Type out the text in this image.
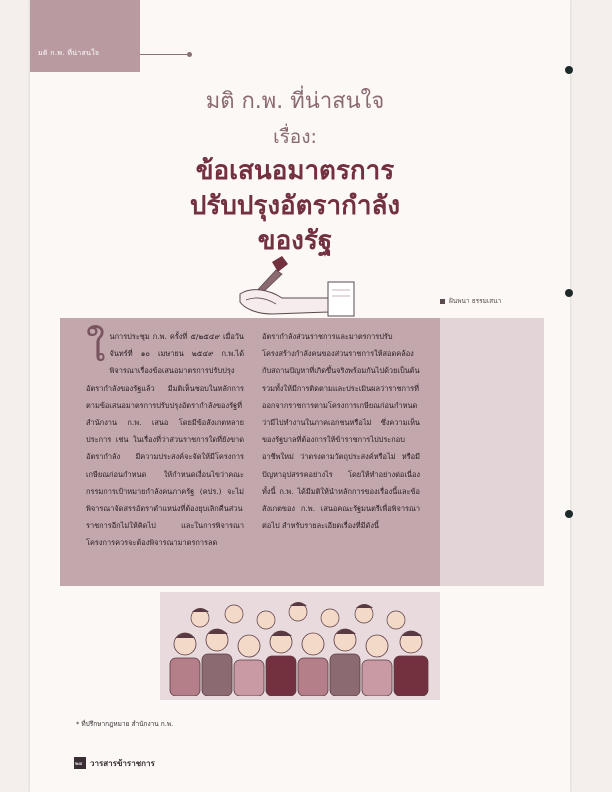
มติ ก.พ. ที่น่าสนใจ
มติ ก.พ. ที่น่าสนใจ
เรื่อง:
ข้อเสนอมาตรการ
ปรับปรุงอัตรากำลัง
ของรัฐ
ฝันพนา ธรรมเสนา
ในการประชุม ก.พ. ครั้งที่ ๕/๒๕๔๙ เมื่อวันจันทร์ที่ ๑๐ เมษายน ๒๕๔๙ ก.พ.ได้พิจารณาเรื่องข้อเสนอมาตรการปรับปรุงอัตรากำลังของรัฐแล้ว มีมติเห็นชอบในหลักการตามข้อเสนอมาตรการปรับปรุงอัตรากำลังของรัฐที่สำนักงาน ก.พ. เสนอ โดยมีข้อสังเกตหลายประการ เช่น ในเรื่องที่ว่าส่วนราชการใดที่ยังขาดอัตรากำลัง มีความประสงค์จะจัดให้มีโครงการเกษียณก่อนกำหนด ให้กำหนดเงื่อนไขว่าคณะกรรมการเป้าหมายกำลังคนภาครัฐ (คปร.) จะไม่พิจารณาจัดสรรอัตราตำแหน่งที่ต้องยุบเลิกคืนส่วนราชการอีกไม่ให้คิดไป และในการพิจารณาโครงการควรจะต้องพิจารณามาตรการลด
อัตรากำลังส่วนราชการและมาตรการปรับโครงสร้างกำลังคนของส่วนราชการให้สอดคล้องกับสถานปัญหาที่เกิดขึ้นจริงพร้อมกันไปด้วยเป็นต้น รวมทั้งให้มีการติดตามและประเมินผลว่าราชการที่ออกจากราชการตามโครงการเกษียณก่อนกำหนดว่ามีไปทำงานในภาคเอกชนหรือไม่ ซึ่งความเห็นของรัฐบาลที่ต้องการให้ข้าราชการไปประกอบอาชีพใหม่ ว่าตรงตามวัตถุประสงค์หรือไม่ หรือมีปัญหาอุปสรรคอย่างไร โดยให้ทำอย่างต่อเนื่องทั้งนี้ ก.พ. ได้มีมติให้นำหลักการของเรื่องนี้และข้อสังเกตของ ก.พ. เสนอคณะรัฐมนตรีเพื่อพิจารณาต่อไป สำหรับรายละเอียดเรื่องที่มีดังนี้
* ที่ปรึกษากฎหมาย สำนักงาน ก.พ.
๒๗ วารสารข้าราชการ
